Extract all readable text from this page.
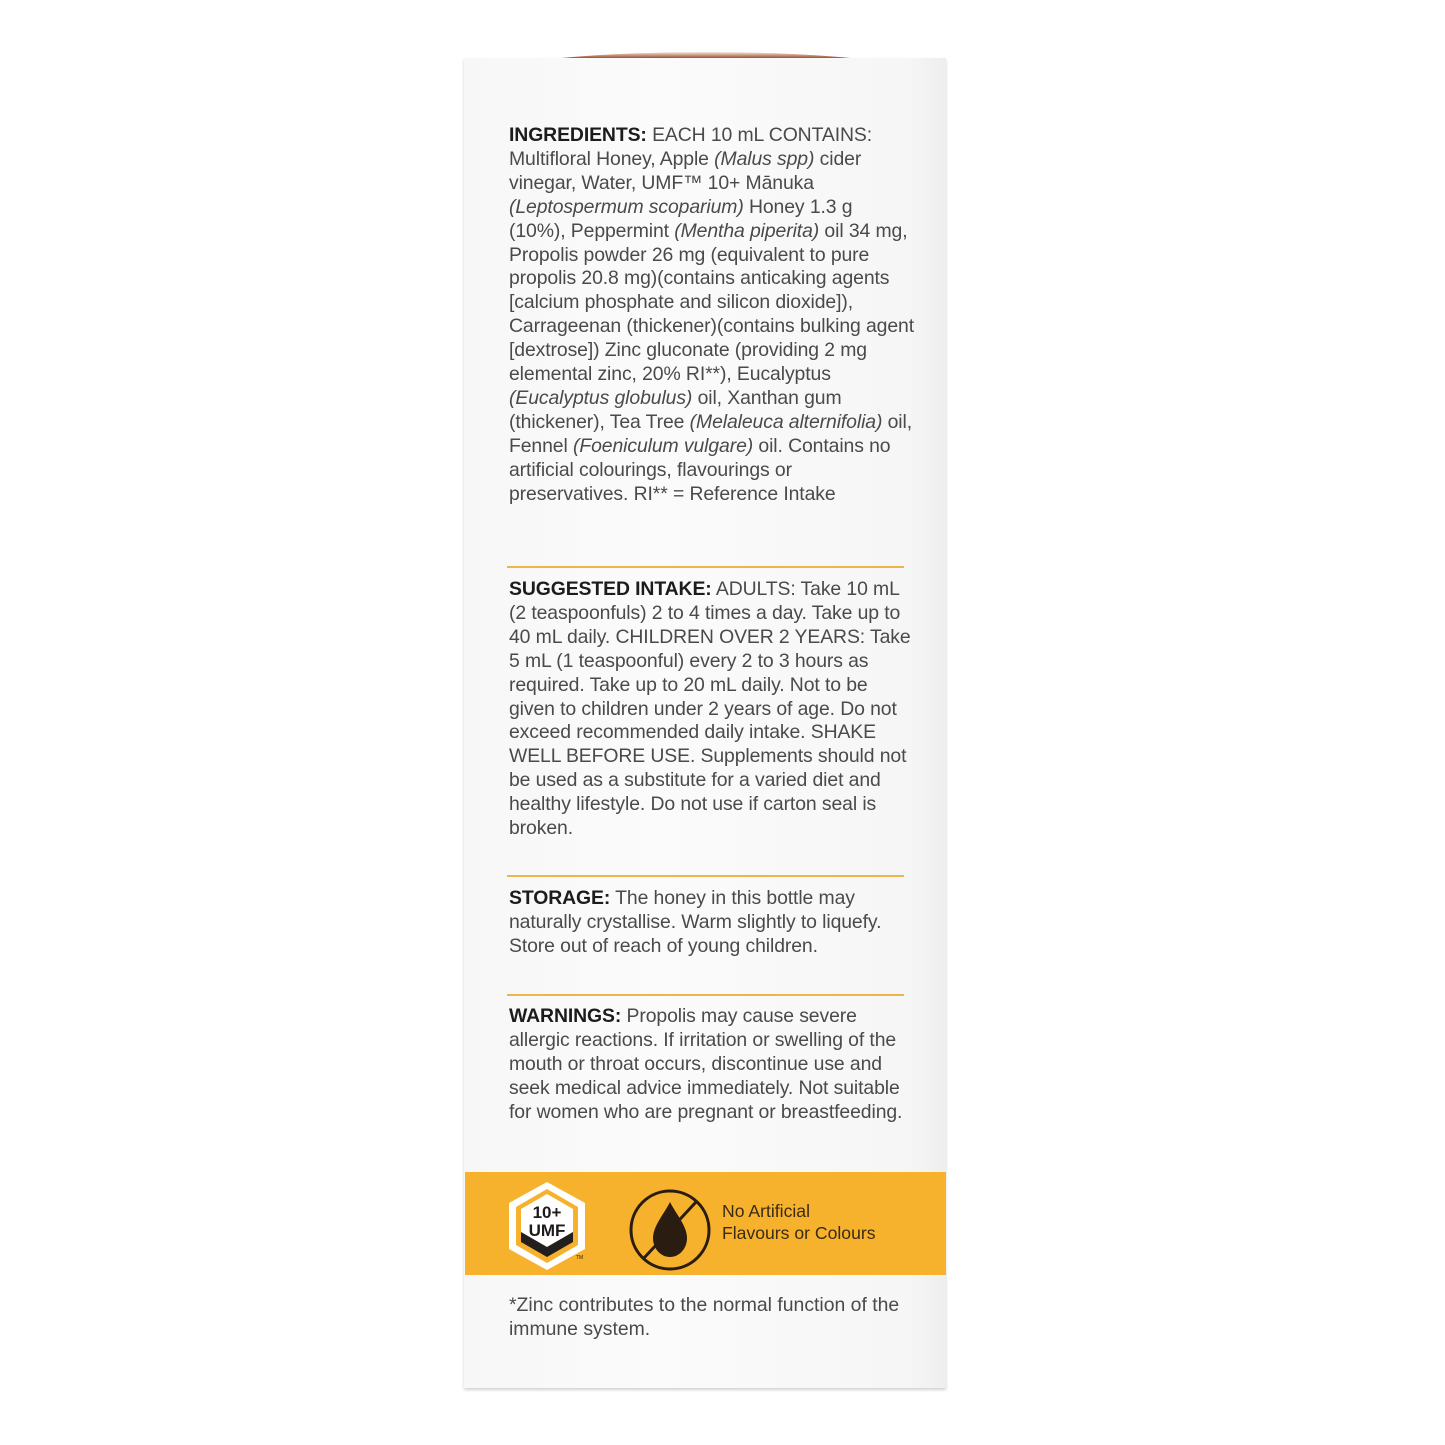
INGREDIENTS: EACH 10 mL CONTAINS: Multifloral Honey, Apple (Malus spp) cider vinegar, Water, UMF™ 10+ Mānuka (Leptospermum scoparium) Honey 1.3 g (10%), Peppermint (Mentha piperita) oil 34 mg, Propolis powder 26 mg (equivalent to pure propolis 20.8 mg)(contains anticaking agents [calcium phosphate and silicon dioxide]), Carrageenan (thickener)(contains bulking agent [dextrose]) Zinc gluconate (providing 2 mg elemental zinc, 20% RI**), Eucalyptus (Eucalyptus globulus) oil, Xanthan gum (thickener), Tea Tree (Melaleuca alternifolia) oil, Fennel (Foeniculum vulgare) oil. Contains no artificial colourings, flavourings or preservatives. RI** = Reference Intake
SUGGESTED INTAKE: ADULTS: Take 10 mL (2 teaspoonfuls) 2 to 4 times a day. Take up to 40 mL daily. CHILDREN OVER 2 YEARS: Take 5 mL (1 teaspoonful) every 2 to 3 hours as required. Take up to 20 mL daily. Not to be given to children under 2 years of age. Do not exceed recommended daily intake. SHAKE WELL BEFORE USE. Supplements should not be used as a substitute for a varied diet and healthy lifestyle. Do not use if carton seal is broken.
STORAGE: The honey in this bottle may naturally crystallise. Warm slightly to liquefy. Store out of reach of young children.
WARNINGS: Propolis may cause severe allergic reactions. If irritation or swelling of the mouth or throat occurs, discontinue use and seek medical advice immediately. Not suitable for women who are pregnant or breastfeeding.
TM
10+
UMF
No Artificial
Flavours or Colours
*Zinc contributes to the normal function of the immune system.
